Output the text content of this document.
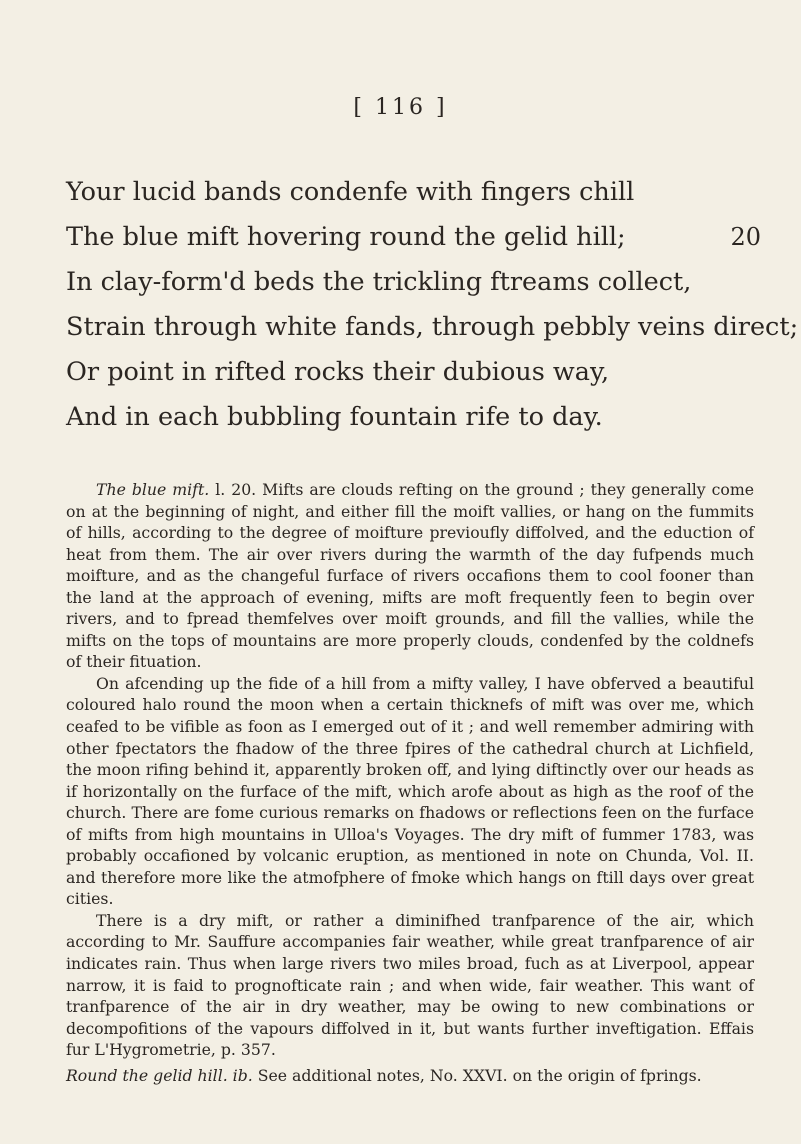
[ 116 ]
Your lucid bands condenfe with fingers chill
The blue mift hovering round the gelid hill;	20
In clay-form'd beds the trickling ftreams collect,
Strain through white fands, through pebbly veins direct;
Or point in rifted rocks their dubious way,
And in each bubbling fountain rife to day.

The blue mift. l. 20. Mifts are clouds refting on the ground ; they generally come on at the beginning of night, and either fill the moift vallies, or hang on the fummits of hills, according to the degree of moifture previoufly diffolved, and the eduction of heat from them. The air over rivers during the warmth of the day fufpends much moifture, and as the changeful furface of rivers occafions them to cool fooner than the land at the approach of evening, mifts are moft frequently feen to begin over rivers, and to fpread themfelves over moift grounds, and fill the vallies, while the mifts on the tops of mountains are more properly clouds, condenfed by the coldnefs of their fituation.

On afcending up the fide of a hill from a mifty valley, I have obferved a beautiful coloured halo round the moon when a certain thicknefs of mift was over me, which ceafed to be vifible as foon as I emerged out of it ; and well remember admiring with other fpectators the fhadow of the three fpires of the cathedral church at Lichfield, the moon rifing behind it, apparently broken off, and lying diftinctly over our heads as if horizontally on the furface of the mift, which arofe about as high as the roof of the church. There are fome curious remarks on fhadows or reflections feen on the furface of mifts from high mountains in Ulloa's Voyages. The dry mift of fummer 1783, was probably occafioned by volcanic eruption, as mentioned in note on Chunda, Vol. II. and therefore more like the atmofphere of fmoke which hangs on ftill days over great cities.

There is a dry mift, or rather a diminifhed tranfparence of the air, which according to Mr. Sauffure accompanies fair weather, while great tranfparence of air indicates rain. Thus when large rivers two miles broad, fuch as at Liverpool, appear narrow, it is faid to prognofticate rain ; and when wide, fair weather. This want of tranfparence of the air in dry weather, may be owing to new combinations or decompofitions of the vapours diffolved in it, but wants further inveftigation. Effais fur L'Hygrometrie, p. 357.

Round the gelid hill. ib. See additional notes, No. XXVI. on the origin of fprings.
